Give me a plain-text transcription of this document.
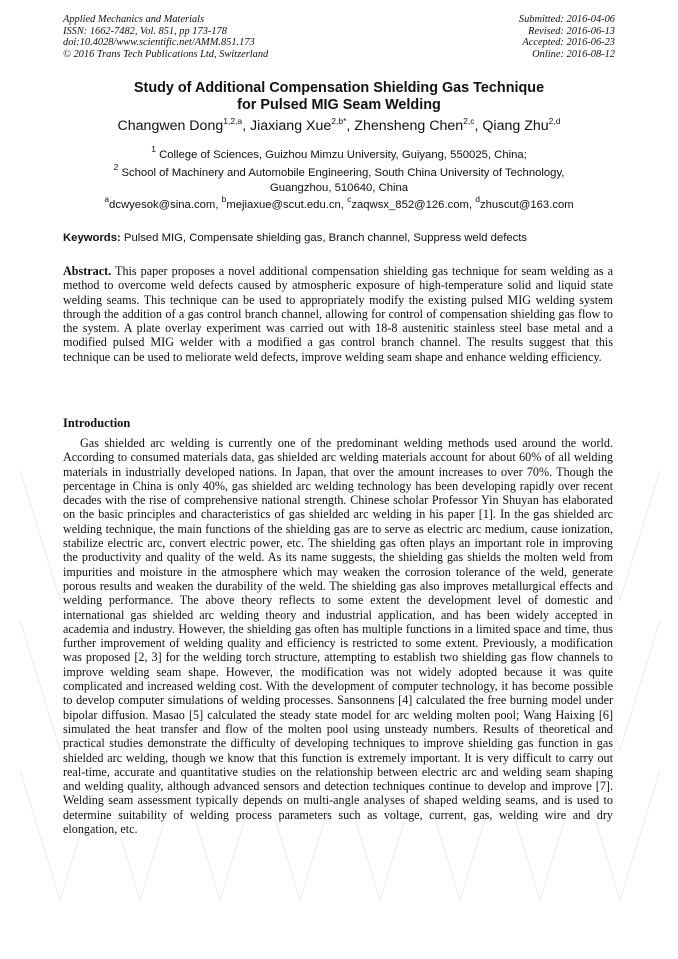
Applied Mechanics and Materials
ISSN: 1662-7482, Vol. 851, pp 173-178
doi:10.4028/www.scientific.net/AMM.851.173
© 2016 Trans Tech Publications Ltd, Switzerland
Submitted: 2016-04-06
Revised: 2016-06-13
Accepted: 2016-06-23
Online: 2016-08-12
Study of Additional Compensation Shielding Gas Technique
for Pulsed MIG Seam Welding
Changwen Dong$^{1,2,a}$, Jiaxiang Xue$^{2,b*}$, Zhensheng Chen$^{2,c}$, Qiang Zhu$^{2,d}$
$^1$ College of Sciences, Guizhou Mimzu University, Guiyang, 550025, China;
$^2$ School of Machinery and Automobile Engineering, South China University of Technology,
Guangzhou, 510640, China
$^a$dcwyesok@sina.com, $^b$mejiaxue@scut.edu.cn, $^c$zaqwsx_852@126.com, $^d$zhuscut@163.com
Keywords: Pulsed MIG, Compensate shielding gas, Branch channel, Suppress weld defects
Abstract. This paper proposes a novel additional compensation shielding gas technique for seam welding as a method to overcome weld defects caused by atmospheric exposure of high-temperature solid and liquid state welding seams. This technique can be used to appropriately modify the existing pulsed MIG welding system through the addition of a gas control branch channel, allowing for control of compensation shielding gas flow to the system. A plate overlay experiment was carried out with 18-8 austenitic stainless steel base metal and a modified pulsed MIG welder with a modified a gas control branch channel. The results suggest that this technique can be used to meliorate weld defects, improve welding seam shape and enhance welding efficiency.
Introduction
Gas shielded arc welding is currently one of the predominant welding methods used around the world. According to consumed materials data, gas shielded arc welding materials account for about 60% of all welding materials in industrially developed nations. In Japan, that over the amount increases to over 70%. Though the percentage in China is only 40%, gas shielded arc welding technology has been developing rapidly over recent decades with the rise of comprehensive national strength. Chinese scholar Professor Yin Shuyan has elaborated on the basic principles and characteristics of gas shielded arc welding in his paper [1]. In the gas shielded arc welding technique, the main functions of the shielding gas are to serve as electric arc medium, cause ionization, stabilize electric arc, convert electric power, etc. The shielding gas often plays an important role in improving the productivity and quality of the weld. As its name suggests, the shielding gas shields the molten weld from impurities and moisture in the atmosphere which may weaken the corrosion tolerance of the weld, generate porous results and weaken the durability of the weld. The shielding gas also improves metallurgical effects and welding performance. The above theory reflects to some extent the development level of domestic and international gas shielded arc welding theory and industrial application, and has been widely accepted in academia and industry. However, the shielding gas often has multiple functions in a limited space and time, thus further improvement of welding quality and efficiency is restricted to some extent. Previously, a modification was proposed [2, 3] for the welding torch structure, attempting to establish two shielding gas flow channels to improve welding seam shape. However, the modification was not widely adopted because it was quite complicated and increased welding cost. With the development of computer technology, it has become possible to develop computer simulations of welding processes. Sansonnens [4] calculated the free burning model under bipolar diffusion. Masao [5] calculated the steady state model for arc welding molten pool; Wang Haixing [6] simulated the heat transfer and flow of the molten pool using unsteady numbers. Results of theoretical and practical studies demonstrate the difficulty of developing techniques to improve shielding gas function in gas shielded arc welding, though we know that this function is extremely important. It is very difficult to carry out real-time, accurate and quantitative studies on the relationship between electric arc and welding seam shaping and welding quality, although advanced sensors and detection techniques continue to develop and improve [7]. Welding seam assessment typically depends on multi-angle analyses of shaped welding seams, and is used to determine suitability of welding process parameters such as voltage, current, gas, welding wire and dry elongation, etc.
